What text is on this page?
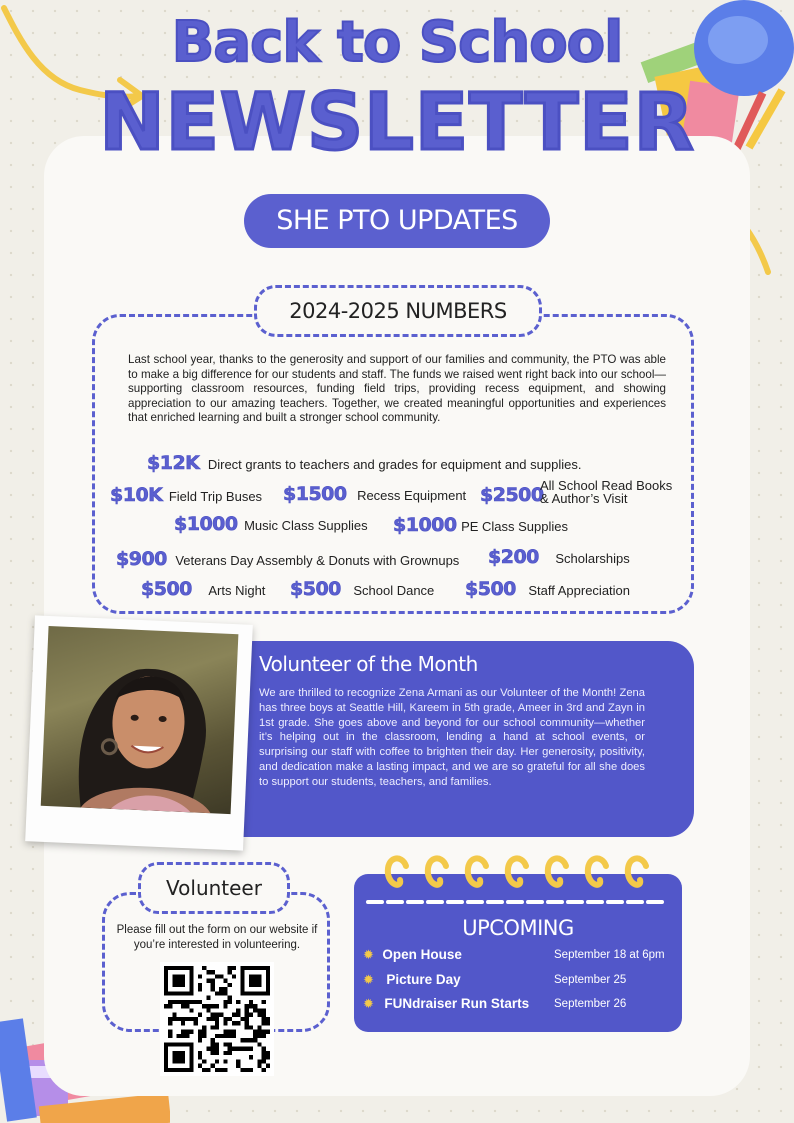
Back to School
NEWSLETTER
SHE PTO UPDATES
2024-2025 NUMBERS
Last school year, thanks to the generosity and support of our families and community, the PTO was able to make a big difference for our students and staff. The funds we raised went right back into our school—supporting classroom resources, funding field trips, providing recess equipment, and showing appreciation to our amazing teachers. Together, we created meaningful opportunities and experiences that enriched learning and built a stronger school community.
$12K Direct grants to teachers and grades for equipment and supplies.
$10K Field Trip Buses $1500 Recess Equipment $2500
All School Read Books
& Author’s Visit
$1000 Music Class Supplies $1000 PE Class Supplies
$900 Veterans Day Assembly & Donuts with Grownups $200 Scholarships
$500 Arts Night $500 School Dance $500 Staff Appreciation
Volunteer of the Month
We are thrilled to recognize Zena Armani as our Volunteer of the Month! Zena has three boys at Seattle Hill, Kareem in 5th grade, Ameer in 3rd and Zayn in 1st grade. She goes above and beyond for our school community—whether it’s helping out in the classroom, lending a hand at school events, or surprising our staff with coffee to brighten their day. Her generosity, positivity, and dedication make a lasting impact, and we are so grateful for all she does to support our students, teachers, and families.
Volunteer
Please fill out the form on our website if you’re interested in volunteering.
UPCOMING
✹ Open House	September 18 at 6pm
✹ Picture Day	September 25
✹ FUNdraiser Run Starts September 26
